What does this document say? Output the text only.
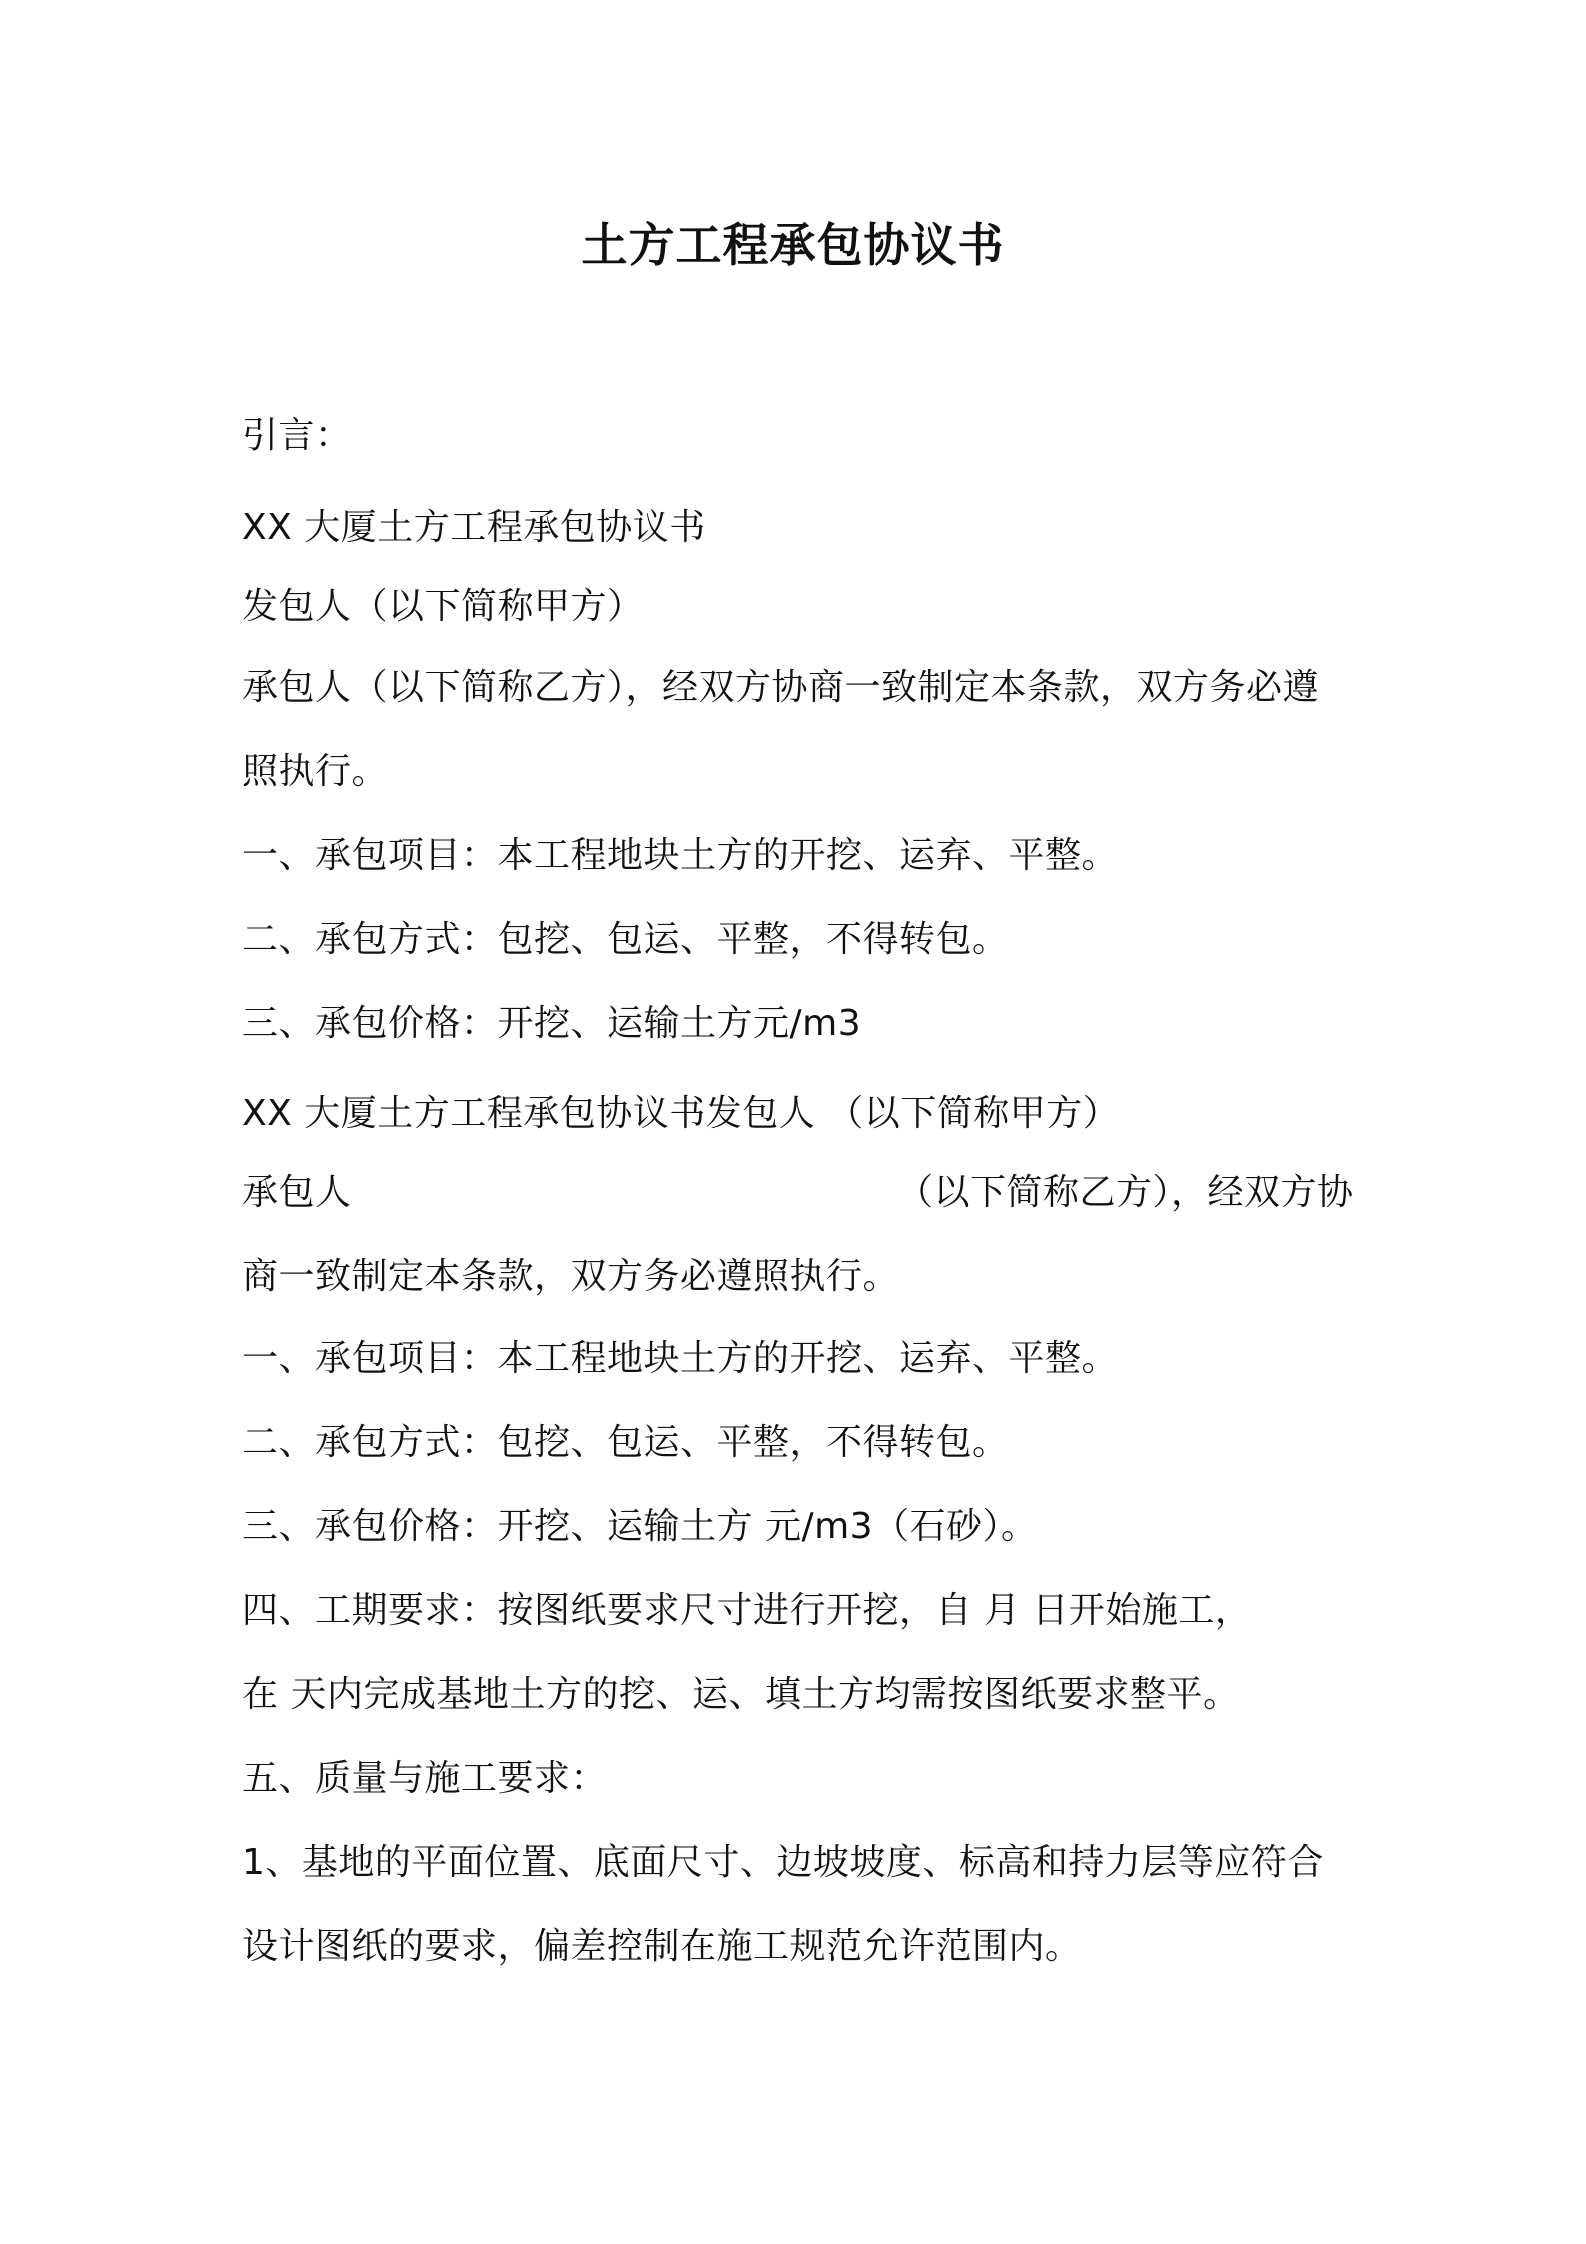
土方工程承包协议书
引言：
XX 大厦土方工程承包协议书
发包人（以下简称甲方）
承包人（以下简称乙方），经双方协商一致制定本条款，双方务必遵
照执行。
一、承包项目：本工程地块土方的开挖、运弃、平整。
二、承包方式：包挖、包运、平整，不得转包。
三、承包价格：开挖、运输土方元/m3
XX 大厦土方工程承包协议书发包人 （以下简称甲方）
承包人	（以下简称乙方），经双方协
商一致制定本条款，双方务必遵照执行。
一、承包项目：本工程地块土方的开挖、运弃、平整。
二、承包方式：包挖、包运、平整，不得转包。
三、承包价格：开挖、运输土方 元/m3（石砂）。
四、工期要求：按图纸要求尺寸进行开挖，自 月 日开始施工，
在 天内完成基地土方的挖、运、填土方均需按图纸要求整平。
五、质量与施工要求：
1、基地的平面位置、底面尺寸、边坡坡度、标高和持力层等应符合
设计图纸的要求，偏差控制在施工规范允许范围内。
